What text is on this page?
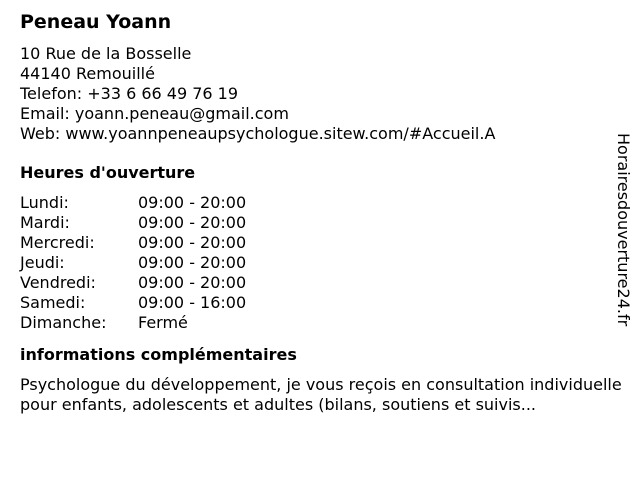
Peneau Yoann
10 Rue de la Bosselle
44140 Remouillé
Telefon: +33 6 66 49 76 19
Email: yoann.peneau@gmail.com
Web: www.yoannpeneaupsychologue.sitew.com/#Accueil.A
Heures d'ouverture
Lundi:	09:00 - 20:00
Mardi:	09:00 - 20:00
Mercredi:	09:00 - 20:00
Jeudi:	09:00 - 20:00
Vendredi:	09:00 - 20:00
Samedi:	09:00 - 16:00
Dimanche:	Fermé
informations complémentaires
Psychologue du développement, je vous reçois en consultation individuelle pour enfants, adolescents et adultes (bilans, soutiens et suivis...
Horairesdouverture24.fr
